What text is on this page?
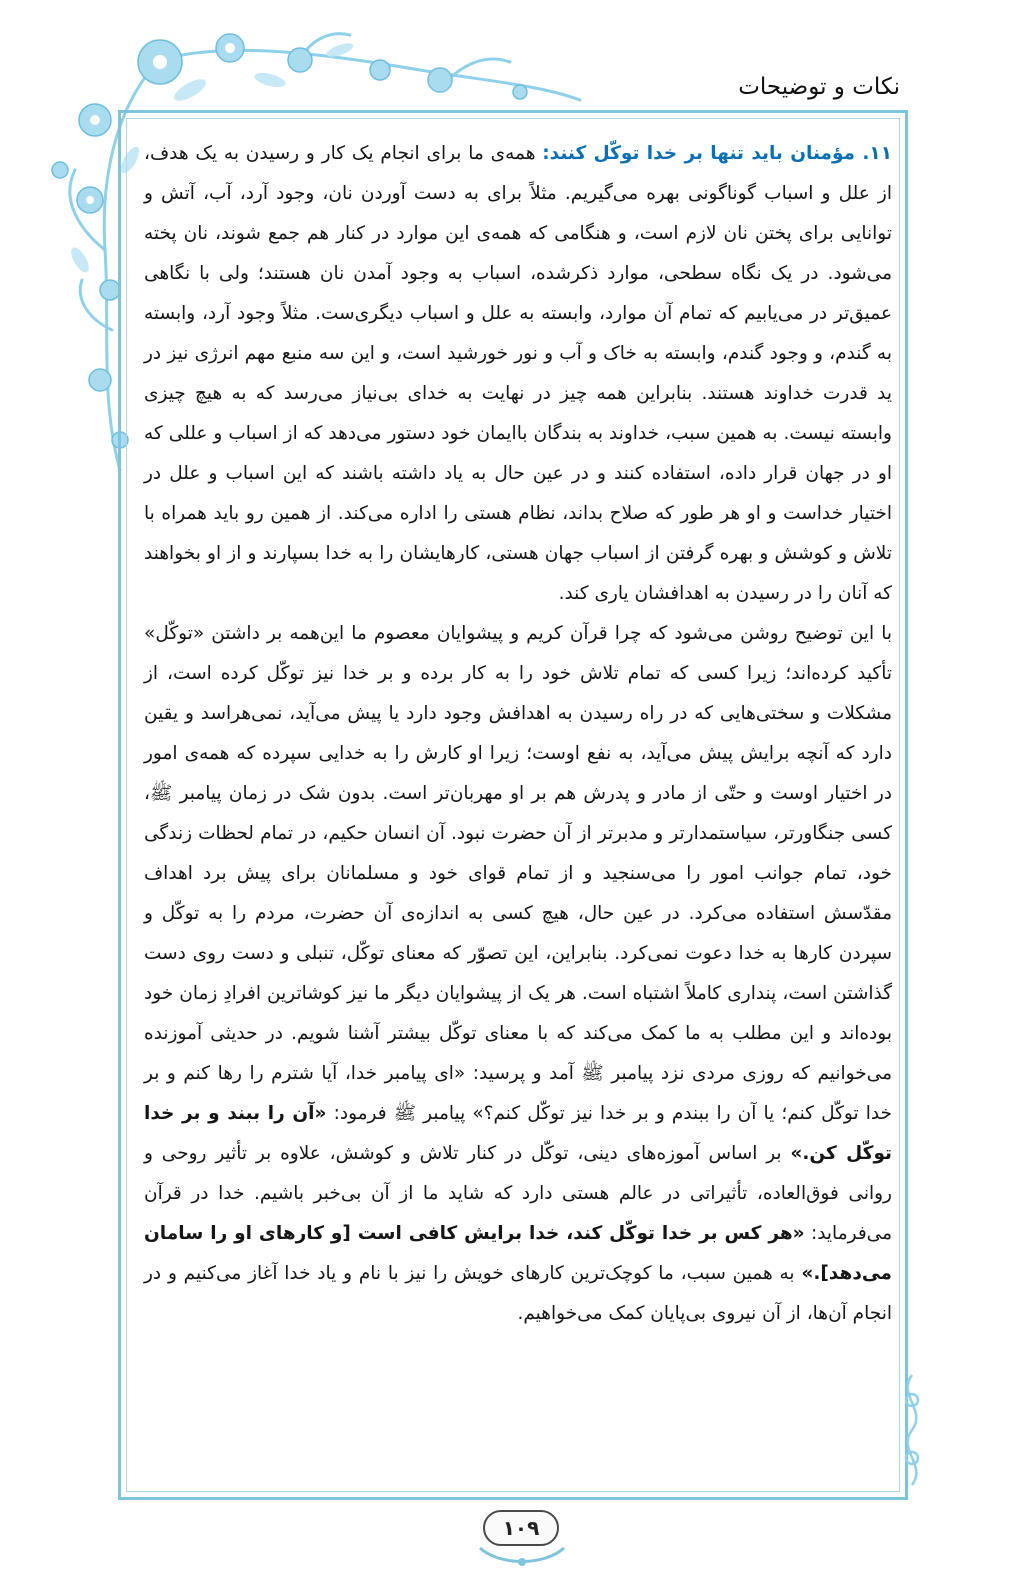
نکات و توضیحات

۱۱. مؤمنان باید تنها بر خدا توکّل کنند: همه‌ی ما برای انجام یک کار و رسیدن به یک هدف، از علل و اسباب گوناگونی بهره می‌گیریم. مثلاً برای به دست آوردن نان، وجود آرد، آب، آتش و توانایی برای پختن نان لازم است، و هنگامی که همه‌ی این موارد در کنار هم جمع شوند، نان پخته می‌شود. در یک نگاه سطحی، موارد ذکرشده، اسباب به وجود آمدن نان هستند؛ ولی با نگاهی عمیق‌تر در می‌یابیم که تمام آن موارد، وابسته به علل و اسباب دیگری‌ست. مثلاً وجود آرد، وابسته به گندم، و وجود گندم، وابسته به خاک و آب و نور خورشید است، و این سه منبع مهم انرژی نیز در ید قدرت خداوند هستند. بنابراین همه چیز در نهایت به خدای بی‌نیاز می‌رسد که به هیچ چیزی وابسته نیست. به همین سبب، خداوند به بندگان باایمان خود دستور می‌دهد که از اسباب و عللی که او در جهان قرار داده، استفاده کنند و در عین حال به یاد داشته باشند که این اسباب و علل در اختیار خداست و او هر طور که صلاح بداند، نظام هستی را اداره می‌کند. از همین رو باید همراه با تلاش و کوشش و بهره گرفتن از اسباب جهان هستی، کارهایشان را به خدا بسپارند و از او بخواهند که آنان را در رسیدن به اهدافشان یاری کند.

با این توضیح روشن می‌شود که چرا قرآن کریم و پیشوایان معصوم ما این‌همه بر داشتن «توکّل» تأکید کرده‌اند؛ زیرا کسی که تمام تلاش خود را به کار برده و بر خدا نیز توکّل کرده است، از مشکلات و سختی‌هایی که در راه رسیدن به اهدافش وجود دارد یا پیش می‌آید، نمی‌هراسد و یقین دارد که آنچه برایش پیش می‌آید، به نفع اوست؛ زیرا او کارش را به خدایی سپرده که همه‌ی امور در اختیار اوست و حتّی از مادر و پدرش هم بر او مهربان‌تر است. بدون شک در زمان پیامبر ﷺ، کسی جنگاورتر، سیاستمدارتر و مدبرتر از آن حضرت نبود. آن انسان حکیم، در تمام لحظات زندگی خود، تمام جوانب امور را می‌سنجید و از تمام قوای خود و مسلمانان برای پیش برد اهداف مقدّسش استفاده می‌کرد. در عین حال، هیچ کسی به اندازه‌ی آن حضرت، مردم را به توکّل و سپردن کارها به خدا دعوت نمی‌کرد. بنابراین، این تصوّر که معنای توکّل، تنبلی و دست روی دست گذاشتن است، پنداری کاملاً اشتباه است. هر یک از پیشوایان دیگر ما نیز کوشاترین افرادِ زمان خود بوده‌اند و این مطلب به ما کمک می‌کند که با معنای توکّل بیشتر آشنا شویم. در حدیثی آموزنده می‌خوانیم که روزی مردی نزد پیامبر ﷺ آمد و پرسید: «ای پیامبر خدا، آیا شترم را رها کنم و بر خدا توکّل کنم؛ یا آن را ببندم و بر خدا نیز توکّل کنم؟» پیامبر ﷺ فرمود: «آن را ببند و بر خدا توکّل کن.» بر اساس آموزه‌های دینی، توکّل در کنار تلاش و کوشش، علاوه بر تأثیر روحی و روانی فوق‌العاده، تأثیراتی در عالم هستی دارد که شاید ما از آن بی‌خبر باشیم. خدا در قرآن می‌فرماید: «هر کس بر خدا توکّل کند، خدا برایش کافی است [و کارهای او را سامان می‌دهد].» به همین سبب، ما کوچک‌ترین کارهای خویش را نیز با نام و یاد خدا آغاز می‌کنیم و در انجام آن‌ها، از آن نیروی بی‌پایان کمک می‌خواهیم.

۱۰۹
